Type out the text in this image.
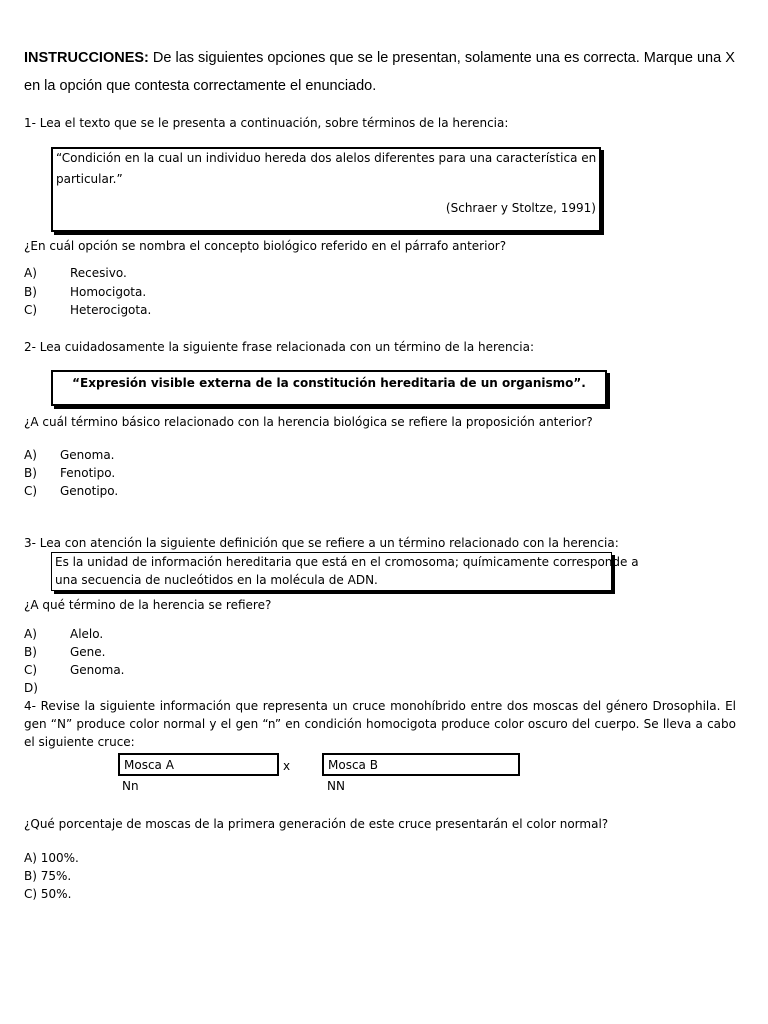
INSTRUCCIONES: De las siguientes opciones que se le presentan, solamente una es correcta. Marque una X en la opción que contesta correctamente el enunciado.
1- Lea el texto que se le presenta a continuación, sobre términos de la herencia:
“Condición en la cual un individuo hereda dos alelos diferentes para una característica en
particular.”
(Schraer y Stoltze, 1991)
¿En cuál opción se nombra el concepto biológico referido en el párrafo anterior?
A)	Recesivo.
B)	Homocigota.
C)	Heterocigota.
2- Lea cuidadosamente la siguiente frase relacionada con un término de la herencia:
“Expresión visible externa de la constitución hereditaria de un organismo”.
¿A cuál término básico relacionado con la herencia biológica se refiere la proposición anterior?
A) Genoma.
B) Fenotipo.
C) Genotipo.
3- Lea con atención la siguiente definición que se refiere a un término relacionado con la herencia:
Es la unidad de información hereditaria que está en el cromosoma; químicamente corresponde a
una secuencia de nucleótidos en la molécula de ADN.
¿A qué término de la herencia se refiere?
A)	Alelo.
B)	Gene.
C)	Genoma.
D)
4- Revise la siguiente información que representa un cruce monohíbrido entre dos moscas del género Drosophila. El gen “N” produce color normal y el gen “n” en condición homocigota produce color oscuro del cuerpo. Se lleva a cabo el siguiente cruce:
Mosca A	x	Mosca B
Nn	NN
¿Qué porcentaje de moscas de la primera generación de este cruce presentarán el color normal?
A) 100%.
B) 75%.
C) 50%.
